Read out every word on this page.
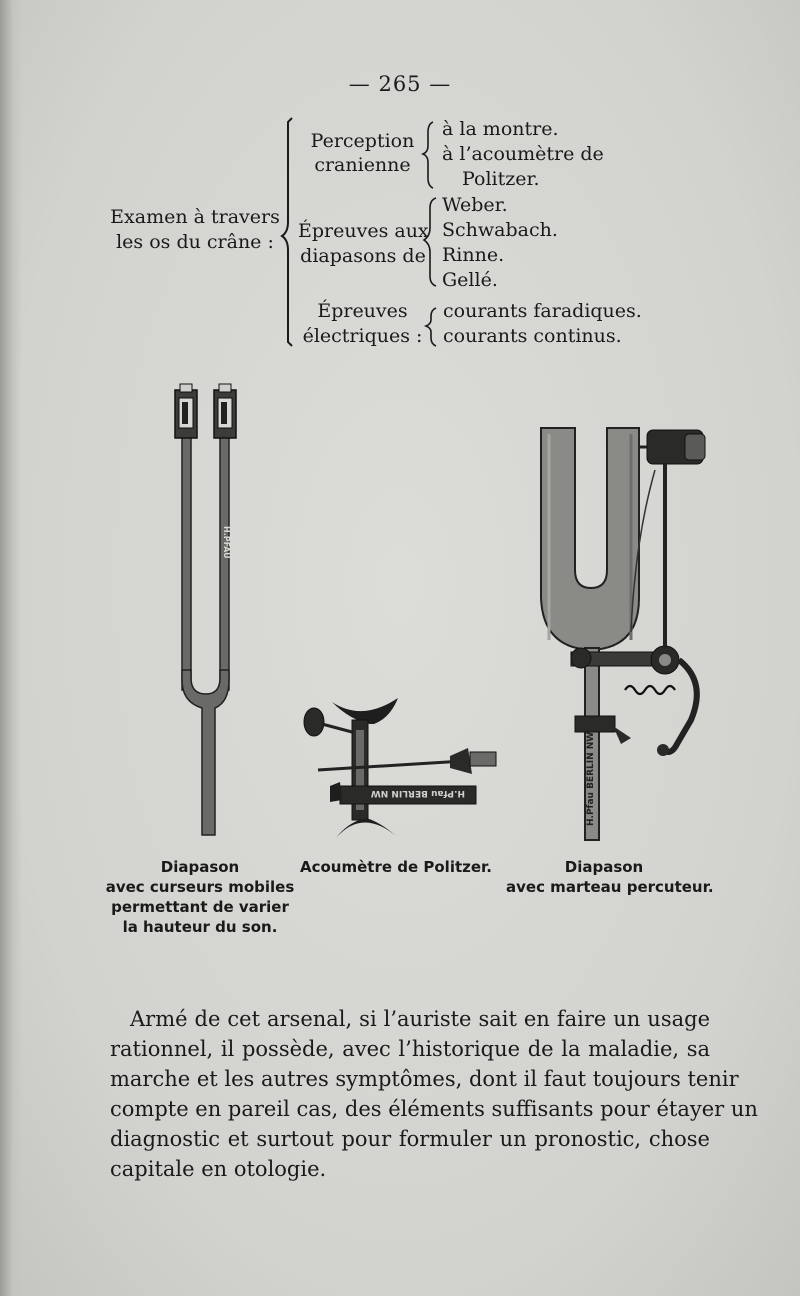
— 265 —
Examen à travers
les os du crâne :
Perception
cranienne
à la montre.
à l’acoumètre de
Politzer.
Épreuves aux
diapasons de
Weber.
Schwabach.
Rinne.
Gellé.
Épreuves
électriques :
courants faradiques.
courants continus.
H.PFAU
H.Pfau BERLIN NW	H.Pfau BERLIN NW
Diapason
avec curseurs mobiles
permettant de varier
la hauteur du son.
Acoumètre de Politzer.	Diapason
avec marteau percuteur.
Armé de cet arsenal, si l’auriste sait en faire un usage
rationnel, il possède, avec l’historique de la maladie, sa
marche et les autres symptômes, dont il faut toujours tenir
compte en pareil cas, des éléments suffisants pour étayer un
diagnostic et surtout pour formuler un pronostic, chose
capitale en otologie.
